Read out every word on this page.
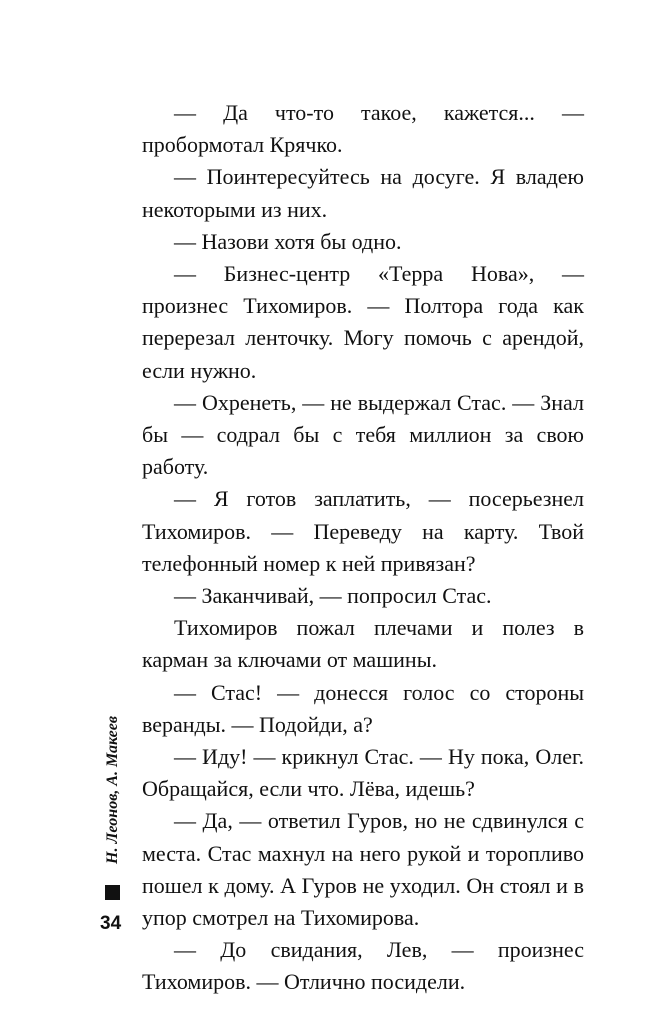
— Да что-то такое, кажется... — пробормотал Крячко.

— Поинтересуйтесь на досуге. Я владею некоторыми из них.

— Назови хотя бы одно.

— Бизнес-центр «Терра Нова», — произнес Тихомиров. — Полтора года как перерезал ленточку. Могу помочь с арендой, если нужно.

— Охренеть, — не выдержал Стас. — Знал бы — содрал бы с тебя миллион за свою работу.

— Я готов заплатить, — посерьезнел Тихомиров. — Переведу на карту. Твой телефонный номер к ней привязан?

— Заканчивай, — попросил Стас.

Тихомиров пожал плечами и полез в карман за ключами от машины.

— Стас! — донесся голос со стороны веранды. — Подойди, а?

— Иду! — крикнул Стас. — Ну пока, Олег. Обращайся, если что. Лёва, идешь?

— Да, — ответил Гуров, но не сдвинулся с места. Стас махнул на него рукой и торопливо пошел к дому. А Гуров не уходил. Он стоял и в упор смотрел на Тихомирова.

— До свидания, Лев, — произнес Тихомиров. — Отлично посидели.

Н. Леонов, А. Макеев
34
